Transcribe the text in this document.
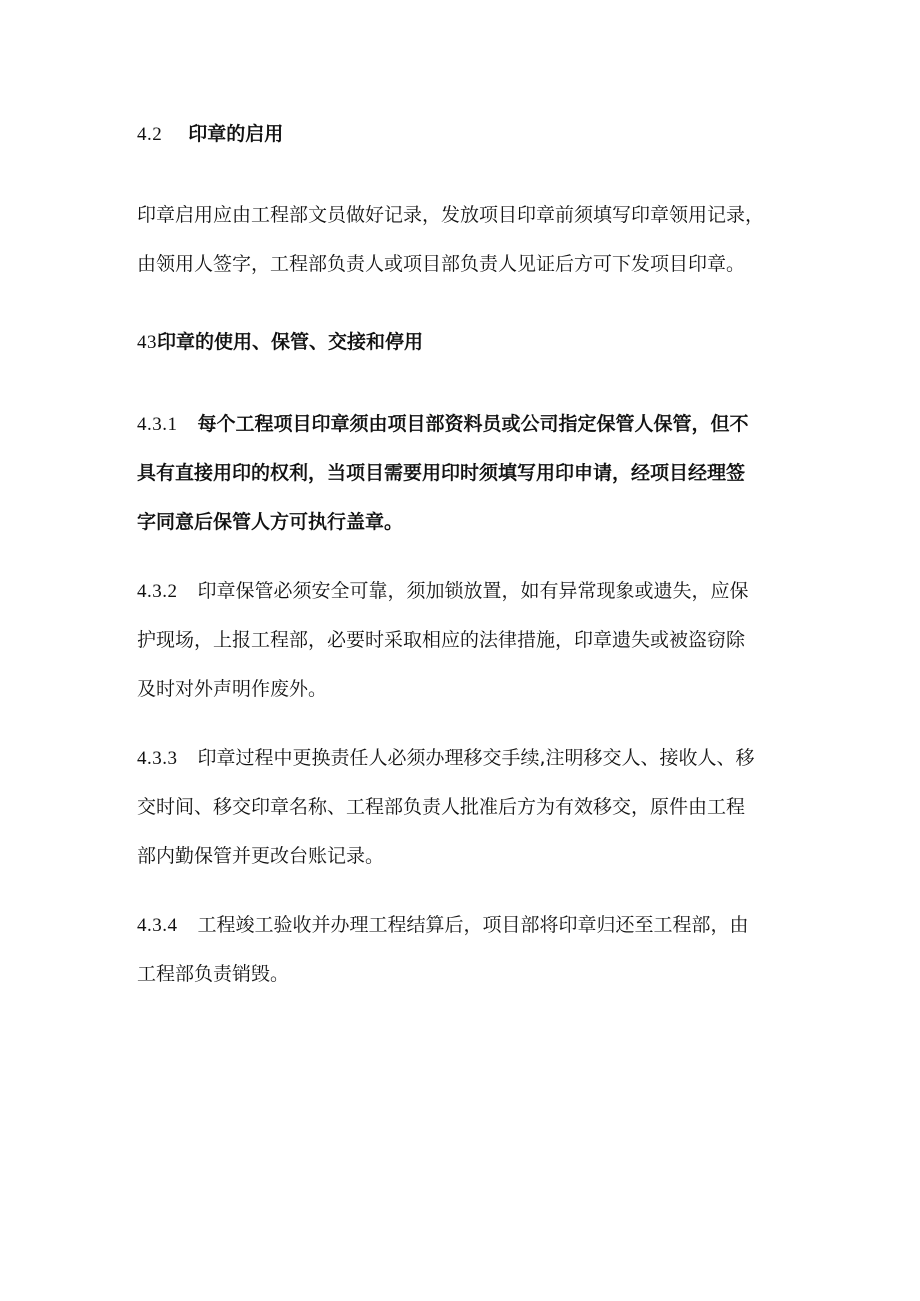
4.2 印章的启用
印章启用应由工程部文员做好记录，发放项目印章前须填写印章领用记录，
由领用人签字，工程部负责人或项目部负责人见证后方可下发项目印章。
43印章的使用、保管、交接和停用
4.3.1 每个工程项目印章须由项目部资料员或公司指定保管人保管，但不
具有直接用印的权利，当项目需要用印时须填写用印申请，经项目经理签
字同意后保管人方可执行盖章。
4.3.2 印章保管必须安全可靠，须加锁放置，如有异常现象或遗失，应保
护现场，上报工程部，必要时采取相应的法律措施，印章遗失或被盗窃除
及时对外声明作废外。
4.3.3 印章过程中更换责任人必须办理移交手续,注明移交人、接收人、移
交时间、移交印章名称、工程部负责人批准后方为有效移交，原件由工程
部内勤保管并更改台账记录。
4.3.4 工程竣工验收并办理工程结算后，项目部将印章归还至工程部，由
工程部负责销毁。
